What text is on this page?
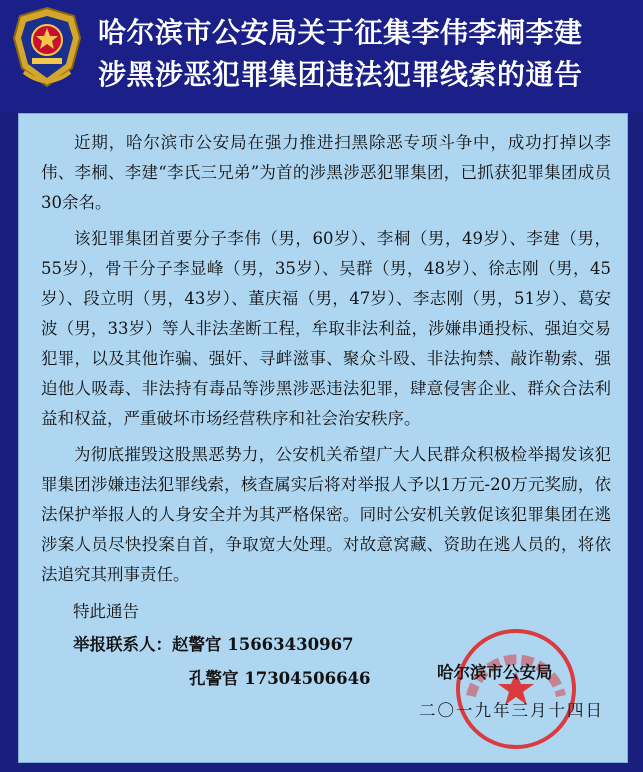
哈尔滨市公安局关于征集李伟李桐李建
涉黑涉恶犯罪集团违法犯罪线索的通告

近期，哈尔滨市公安局在强力推进扫黑除恶专项斗争中，成功打掉以李伟、李桐、李建“李氏三兄弟”为首的涉黑涉恶犯罪集团，已抓获犯罪集团成员30余名。

该犯罪集团首要分子李伟（男，60岁）、李桐（男，49岁）、李建（男，55岁），骨干分子李显峰（男，35岁）、吴群（男，48岁）、徐志刚（男，45岁）、段立明（男，43岁）、董庆福（男，47岁）、李志刚（男，51岁）、葛安波（男，33岁）等人非法垄断工程，牟取非法利益，涉嫌串通投标、强迫交易犯罪，以及其他诈骗、强奸、寻衅滋事、聚众斗殴、非法拘禁、敲诈勒索、强迫他人吸毒、非法持有毒品等涉黑涉恶违法犯罪，肆意侵害企业、群众合法利益和权益，严重破坏市场经营秩序和社会治安秩序。

为彻底摧毁这股黑恶势力，公安机关希望广大人民群众积极检举揭发该犯罪集团涉嫌违法犯罪线索，核查属实后将对举报人予以1万元-20万元奖励，依法保护举报人的人身安全并为其严格保密。同时公安机关敦促该犯罪集团在逃涉案人员尽快投案自首，争取宽大处理。对故意窝藏、资助在逃人员的，将依法追究其刑事责任。

特此通告
举报联系人：赵警官 15663430967
孔警官 17304506646	哈尔滨市公安局
二〇一九年三月十四日
